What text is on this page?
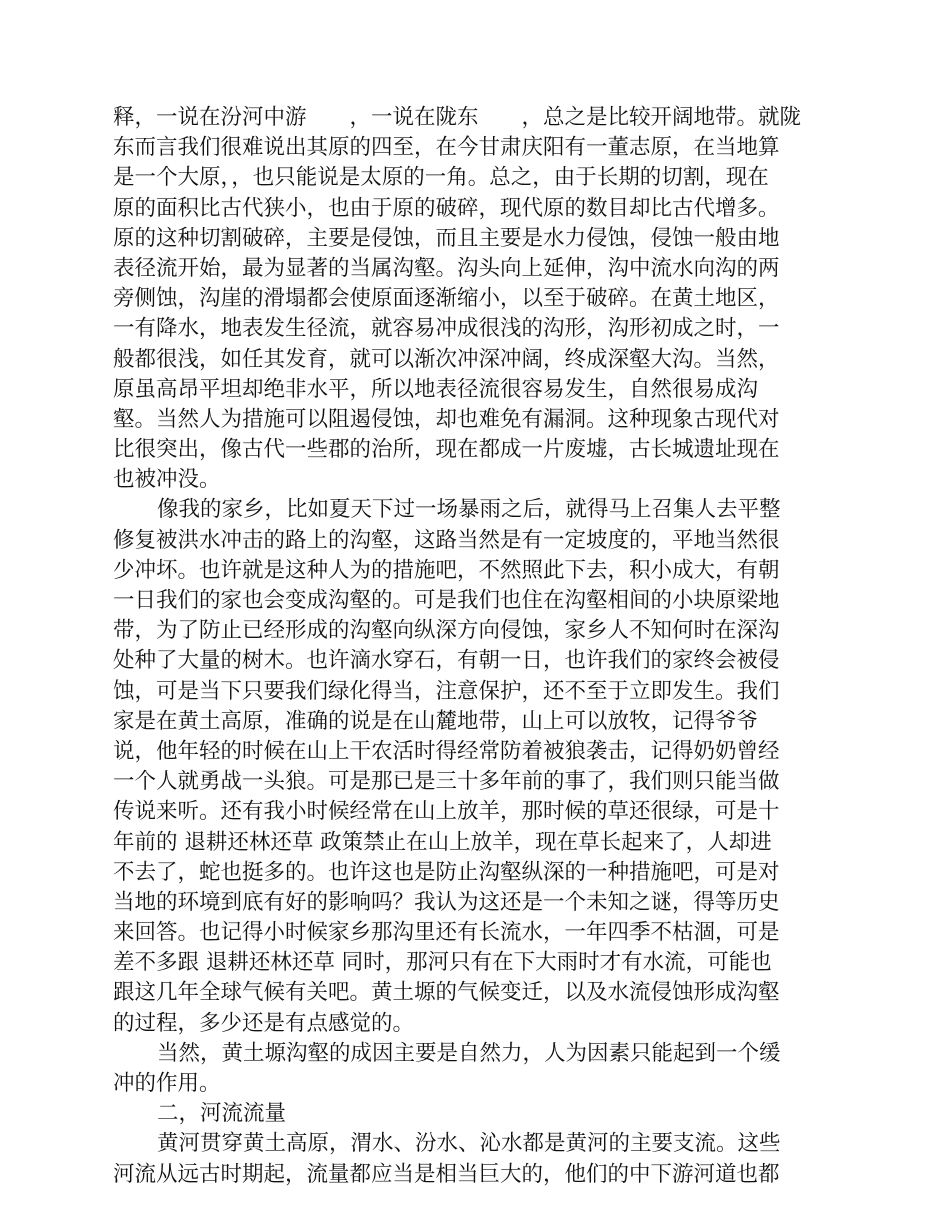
释，一说在汾河中游　　，一说在陇东　　，总之是比较开阔地带。就陇
东而言我们很难说出其原的四至，在今甘肃庆阳有一董志原，在当地算
是一个大原，，也只能说是太原的一角。总之，由于长期的切割，现在
原的面积比古代狭小，也由于原的破碎，现代原的数目却比古代增多。
原的这种切割破碎，主要是侵蚀，而且主要是水力侵蚀，侵蚀一般由地
表径流开始，最为显著的当属沟壑。沟头向上延伸，沟中流水向沟的两
旁侧蚀，沟崖的滑塌都会使原面逐渐缩小，以至于破碎。在黄土地区，
一有降水，地表发生径流，就容易冲成很浅的沟形，沟形初成之时，一
般都很浅，如任其发育，就可以渐次冲深冲阔，终成深壑大沟。当然，
原虽高昂平坦却绝非水平，所以地表径流很容易发生，自然很易成沟
壑。当然人为措施可以阻遏侵蚀，却也难免有漏洞。这种现象古现代对
比很突出，像古代一些郡的治所，现在都成一片废墟，古长城遗址现在
也被冲没。
像我的家乡，比如夏天下过一场暴雨之后，就得马上召集人去平整
修复被洪水冲击的路上的沟壑，这路当然是有一定坡度的，平地当然很
少冲坏。也许就是这种人为的措施吧，不然照此下去，积小成大，有朝
一日我们的家也会变成沟壑的。可是我们也住在沟壑相间的小块原梁地
带，为了防止已经形成的沟壑向纵深方向侵蚀，家乡人不知何时在深沟
处种了大量的树木。也许滴水穿石，有朝一日，也许我们的家终会被侵
蚀，可是当下只要我们绿化得当，注意保护，还不至于立即发生。我们
家是在黄土高原，准确的说是在山麓地带，山上可以放牧，记得爷爷
说，他年轻的时候在山上干农活时得经常防着被狼袭击，记得奶奶曾经
一个人就勇战一头狼。可是那已是三十多年前的事了，我们则只能当做
传说来听。还有我小时候经常在山上放羊，那时候的草还很绿，可是十
年前的 退耕还林还草 政策禁止在山上放羊，现在草长起来了，人却进
不去了，蛇也挺多的。也许这也是防止沟壑纵深的一种措施吧，可是对
当地的环境到底有好的影响吗？我认为这还是一个未知之谜，得等历史
来回答。也记得小时候家乡那沟里还有长流水，一年四季不枯涸，可是
差不多跟 退耕还林还草 同时，那河只有在下大雨时才有水流，可能也
跟这几年全球气候有关吧。黄土塬的气候变迁，以及水流侵蚀形成沟壑
的过程，多少还是有点感觉的。
当然，黄土塬沟壑的成因主要是自然力，人为因素只能起到一个缓
冲的作用。
二，河流流量
黄河贯穿黄土高原，渭水、汾水、沁水都是黄河的主要支流。这些
河流从远古时期起，流量都应当是相当巨大的，他们的中下游河道也都
